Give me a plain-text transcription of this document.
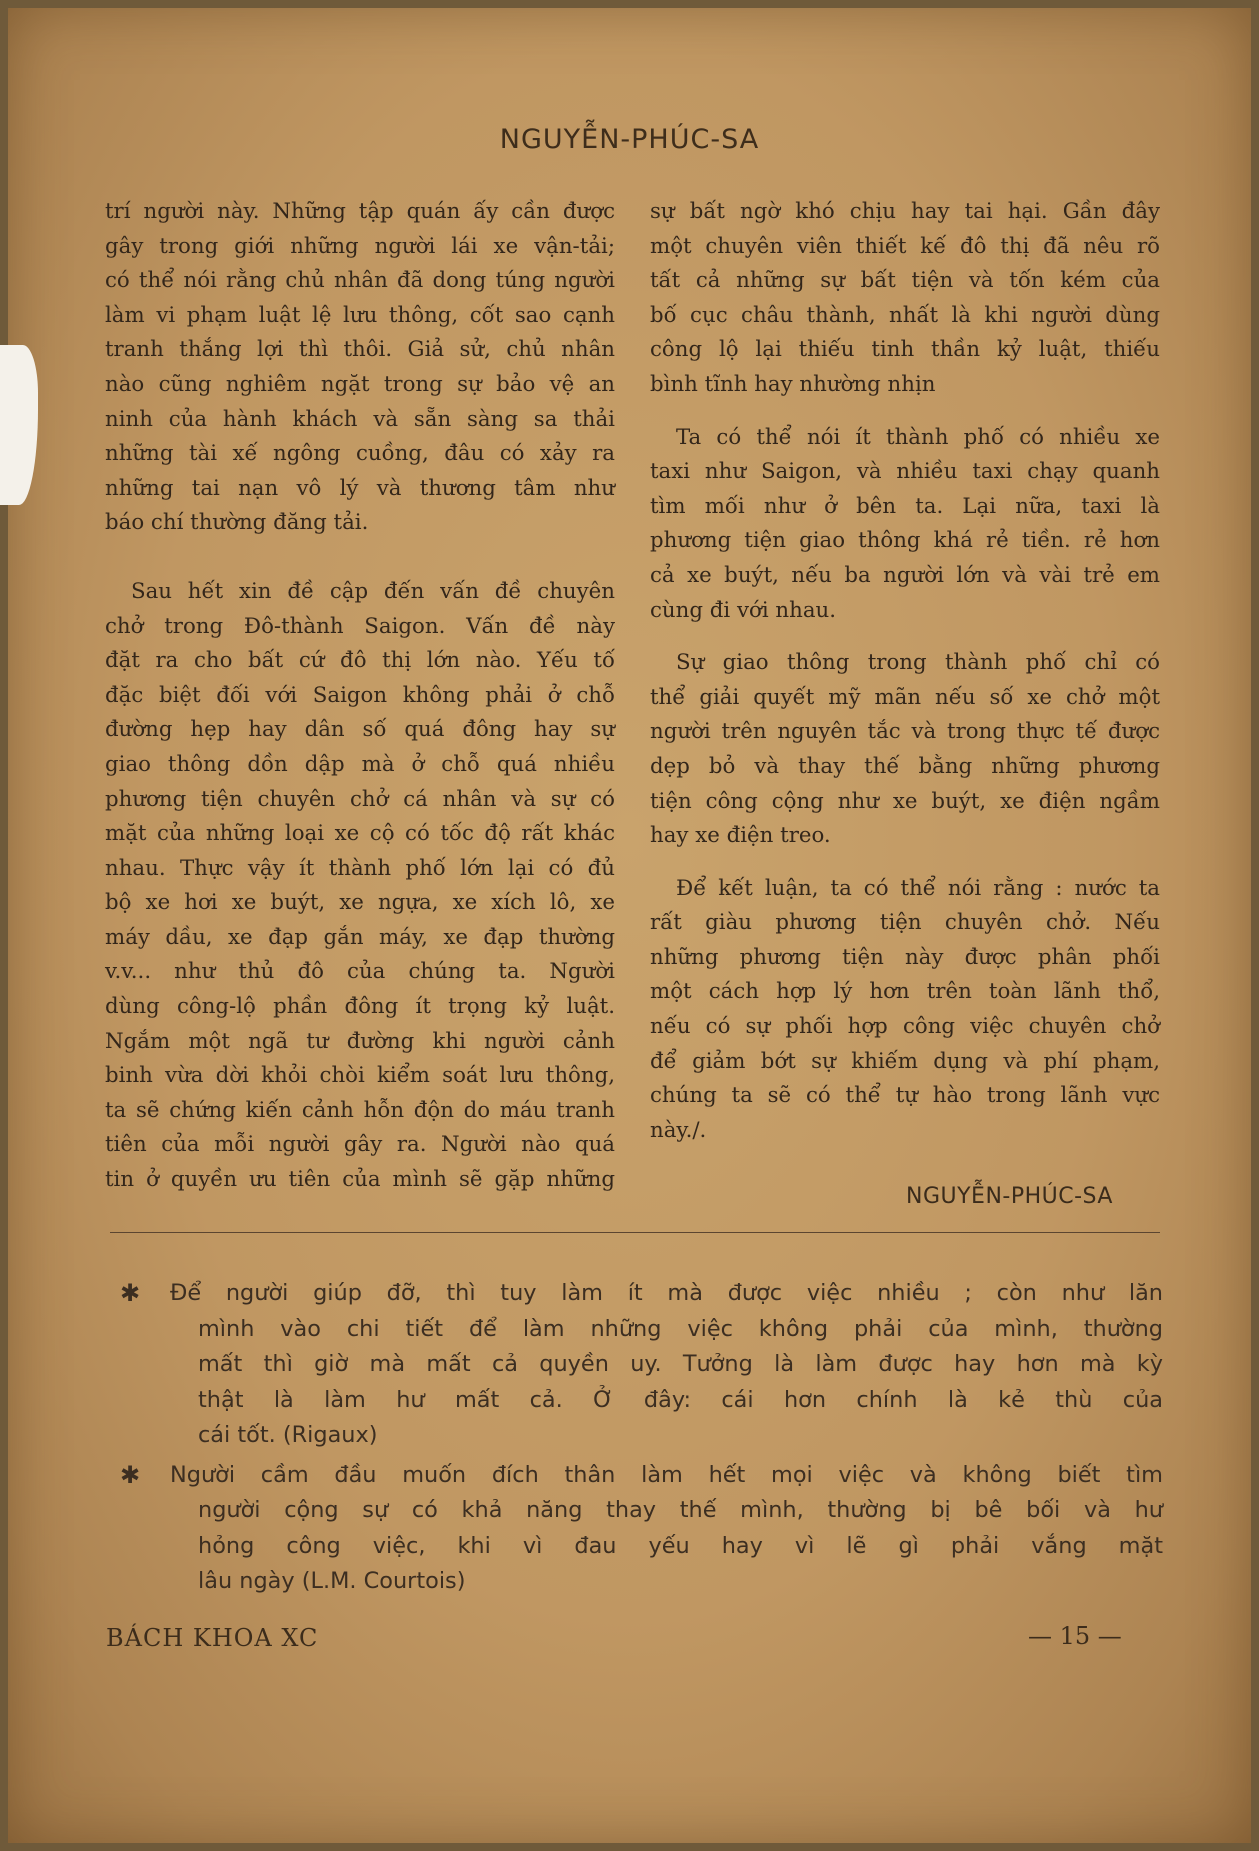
NGUYỄN-PHÚC-SA

trí người này. Những tập quán ấy cần được
gây trong giới những người lái xe vận-tải;
có thể nói rằng chủ nhân đã dong túng người
làm vi phạm luật lệ lưu thông, cốt sao cạnh
tranh thắng lợi thì thôi. Giả sử, chủ nhân
nào cũng nghiêm ngặt trong sự bảo vệ an
ninh của hành khách và sẵn sàng sa thải
những tài xế ngông cuồng, đâu có xảy ra
những tai nạn vô lý và thương tâm như
báo chí thường đăng tải.

Sau hết xin đề cập đến vấn đề chuyên
chở trong Đô-thành Saigon. Vấn đề này
đặt ra cho bất cứ đô thị lớn nào. Yếu tố
đặc biệt đối với Saigon không phải ở chỗ
đường hẹp hay dân số quá đông hay sự
giao thông dồn dập mà ở chỗ quá nhiều
phương tiện chuyên chở cá nhân và sự có
mặt của những loại xe cộ có tốc độ rất khác
nhau. Thực vậy ít thành phố lớn lại có đủ
bộ xe hơi xe buýt, xe ngựa, xe xích lô, xe
máy dầu, xe đạp gắn máy, xe đạp thường
v.v... như thủ đô của chúng ta. Người
dùng công-lộ phần đông ít trọng kỷ luật.
Ngắm một ngã tư đường khi người cảnh
binh vừa dời khỏi chòi kiểm soát lưu thông,
ta sẽ chứng kiến cảnh hỗn độn do máu tranh
tiên của mỗi người gây ra. Người nào quá
tin ở quyền ưu tiên của mình sẽ gặp những

sự bất ngờ khó chịu hay tai hại. Gần đây
một chuyên viên thiết kế đô thị đã nêu rõ
tất cả những sự bất tiện và tốn kém của
bố cục châu thành, nhất là khi người dùng
công lộ lại thiếu tinh thần kỷ luật, thiếu
bình tĩnh hay nhường nhịn

Ta có thể nói ít thành phố có nhiều xe
taxi như Saigon, và nhiều taxi chạy quanh
tìm mối như ở bên ta. Lại nữa, taxi là
phương tiện giao thông khá rẻ tiền. rẻ hơn
cả xe buýt, nếu ba người lớn và vài trẻ em
cùng đi với nhau.

Sự giao thông trong thành phố chỉ có
thể giải quyết mỹ mãn nếu số xe chở một
người trên nguyên tắc và trong thực tế được
dẹp bỏ và thay thế bằng những phương
tiện công cộng như xe buýt, xe điện ngầm
hay xe điện treo.

Để kết luận, ta có thể nói rằng : nước ta
rất giàu phương tiện chuyên chở. Nếu
những phương tiện này được phân phối
một cách hợp lý hơn trên toàn lãnh thổ,
nếu có sự phối hợp công việc chuyên chở
để giảm bớt sự khiếm dụng và phí phạm,
chúng ta sẽ có thể tự hào trong lãnh vực
này./.

NGUYỄN-PHÚC-SA
✱ Để người giúp đỡ, thì tuy làm ít mà được việc nhiều ; còn như lăn
mình vào chi tiết để làm những việc không phải của mình, thường
mất thì giờ mà mất cả quyền uy. Tưởng là làm được hay hơn mà kỳ
thật là làm hư mất cả. Ở đây: cái hơn chính là kẻ thù của
cái tốt. (Rigaux)
✱ Người cầm đầu muốn đích thân làm hết mọi việc và không biết tìm
người cộng sự có khả năng thay thế mình, thường bị bê bối và hư
hỏng công việc, khi vì đau yếu hay vì lẽ gì phải vắng mặt
lâu ngày (L.M. Courtois)
BÁCH KHOA XC	— 15 —
